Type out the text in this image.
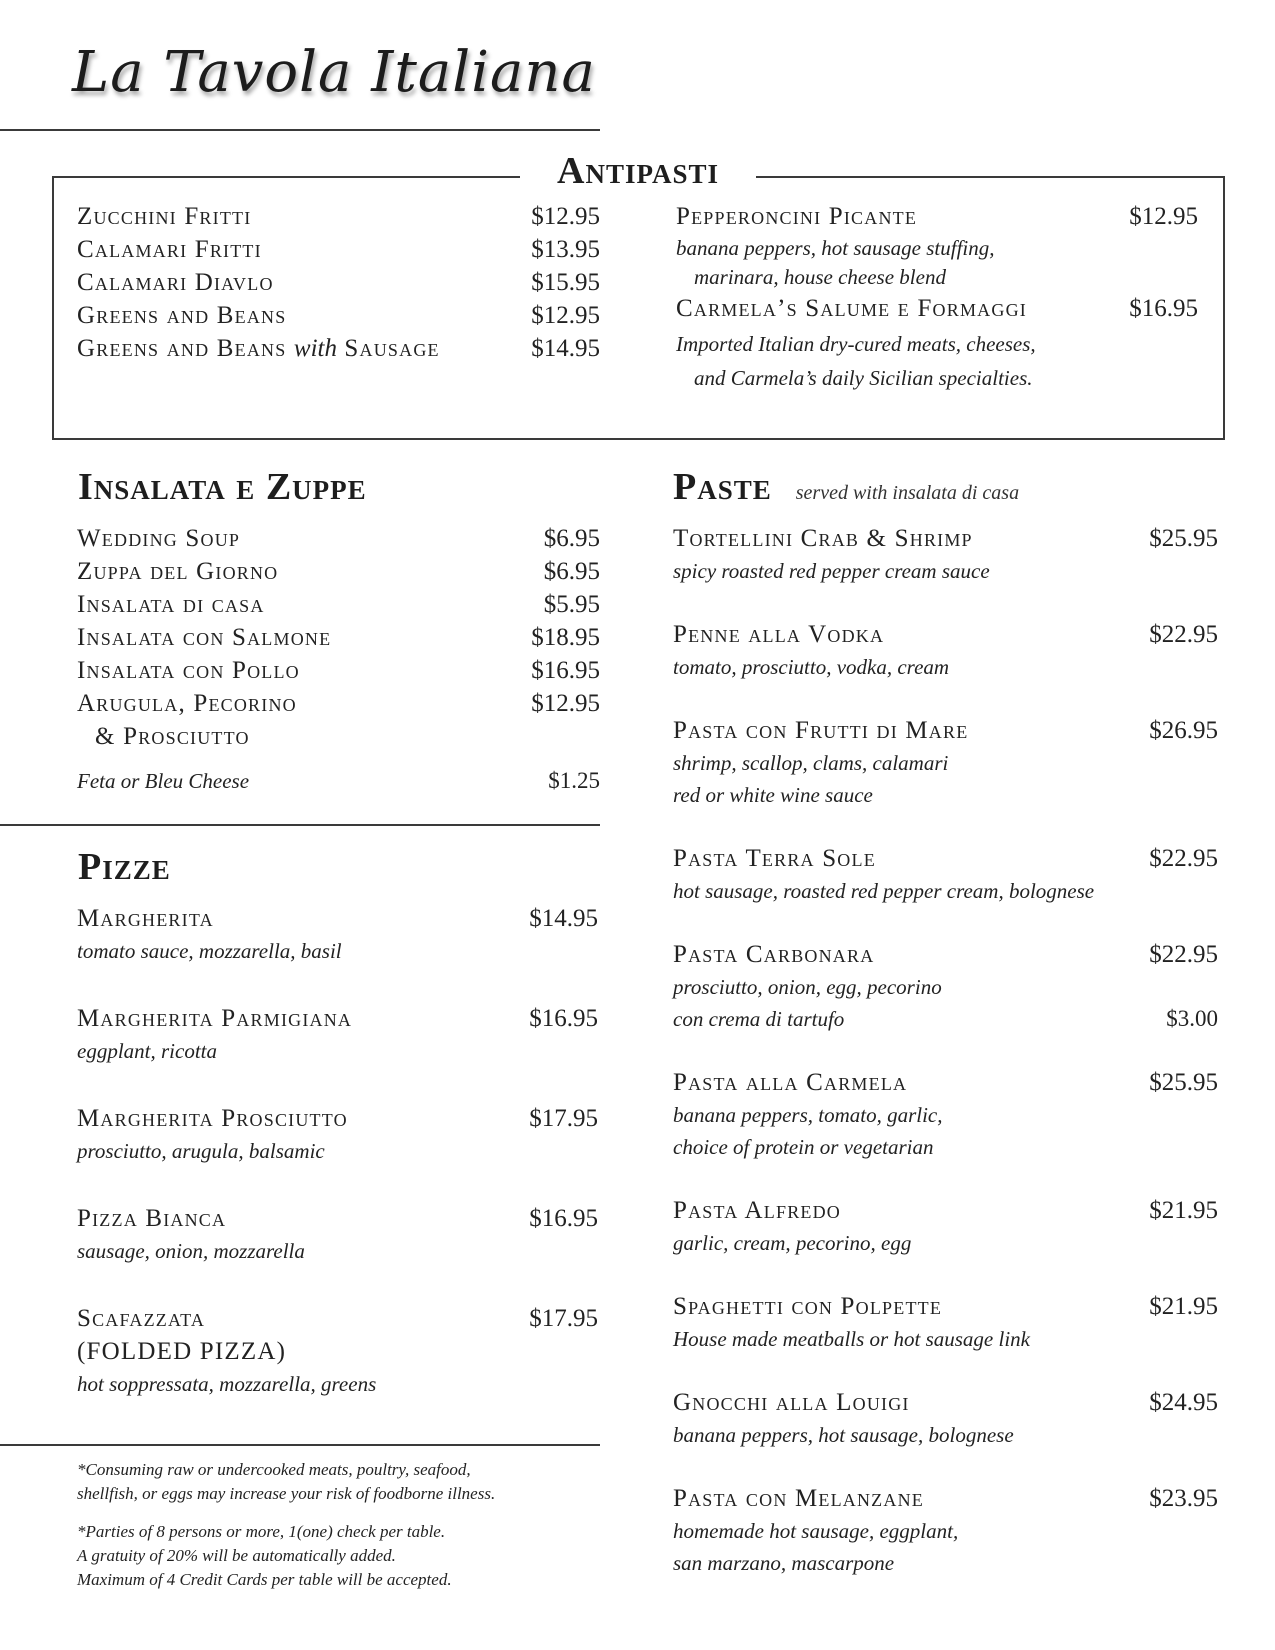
La Tavola Italiana
Antipasti
Zucchini Fritti	$12.95
Calamari Fritti	$13.95
Calamari Diavlo	$15.95
Greens and Beans	$12.95
Greens and Beans with Sausage	$14.95
Pepperoncini Picante	$12.95
banana peppers, hot sausage stuffing,
marinara, house cheese blend
Carmela’s Salume e Formaggi	$16.95
Imported Italian dry-cured meats, cheeses,
and Carmela’s daily Sicilian specialties.
Insalata e Zuppe
Wedding Soup	$6.95
Zuppa del Giorno	$6.95
Insalata di casa	$5.95
Insalata con Salmone	$18.95
Insalata con Pollo	$16.95
Arugula, Pecorino	$12.95
& Prosciutto
Feta or Bleu Cheese	$1.25
Pizze
Margherita	$14.95
tomato sauce, mozzarella, basil
Margherita Parmigiana	$16.95
eggplant, ricotta
Margherita Prosciutto	$17.95
prosciutto, arugula, balsamic
Pizza Bianca	$16.95
sausage, onion, mozzarella
Scafazzata	$17.95
(FOLDED PIZZA)
hot soppressata, mozzarella, greens
*Consuming raw or undercooked meats, poultry, seafood,
shellfish, or eggs may increase your risk of foodborne illness.
*Parties of 8 persons or more, 1(one) check per table.
A gratuity of 20% will be automatically added.
Maximum of 4 Credit Cards per table will be accepted.
Paste served with insalata di casa
Tortellini Crab & Shrimp	$25.95
spicy roasted red pepper cream sauce
Penne alla Vodka	$22.95
tomato, prosciutto, vodka, cream
Pasta con Frutti di Mare	$26.95
shrimp, scallop, clams, calamari
red or white wine sauce
Pasta Terra Sole	$22.95
hot sausage, roasted red pepper cream, bolognese
Pasta Carbonara	$22.95
prosciutto, onion, egg, pecorino
con crema di tartufo	$3.00
Pasta alla Carmela	$25.95
banana peppers, tomato, garlic,
choice of protein or vegetarian
Pasta Alfredo	$21.95
garlic, cream, pecorino, egg
Spaghetti con Polpette	$21.95
House made meatballs or hot sausage link
Gnocchi alla Louigi	$24.95
banana peppers, hot sausage, bolognese
Pasta con Melanzane	$23.95
homemade hot sausage, eggplant,
san marzano, mascarpone
